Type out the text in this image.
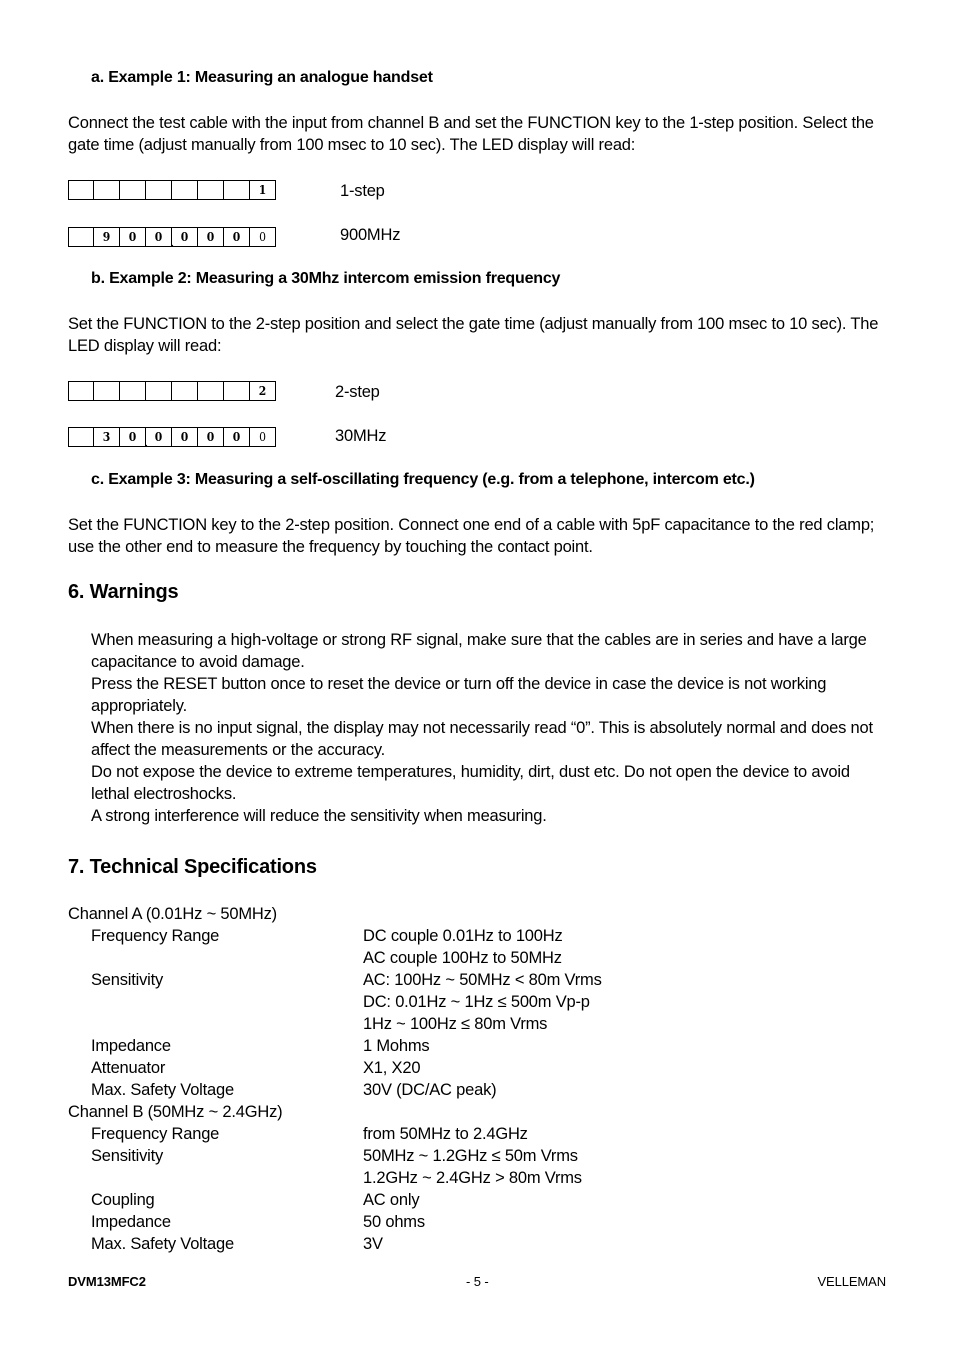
a. Example 1: Measuring an analogue handset
Connect the test cable with the input from channel B and set the FUNCTION key to the 1-step position. Select the gate time (adjust manually from 100 msec to 10 sec). The LED display will read:
1	1-step
9 0 0 . 0 0 0 0	900MHz
b. Example 2: Measuring a 30Mhz intercom emission frequency
Set the FUNCTION to the 2-step position and select the gate time (adjust manually from 100 msec to 10 sec). The LED display will read:
2	2-step
3 0 . 0 0 0 0 0	30MHz
c. Example 3: Measuring a self-oscillating frequency (e.g. from a telephone, intercom etc.)
Set the FUNCTION key to the 2-step position. Connect one end of a cable with 5pF capacitance to the red clamp; use the other end to measure the frequency by touching the contact point.
6. Warnings

When measuring a high-voltage or strong RF signal, make sure that the cables are in series and have a large capacitance to avoid damage.

Press the RESET button once to reset the device or turn off the device in case the device is not working appropriately.

When there is no input signal, the display may not necessarily read “0”. This is absolutely normal and does not affect the measurements or the accuracy.

Do not expose the device to extreme temperatures, humidity, dirt, dust etc. Do not open the device to avoid lethal electroshocks.

A strong interference will reduce the sensitivity when measuring.

7. Technical Specifications
Channel A (0.01Hz ~ 50MHz)
Frequency Range	DC couple 0.01Hz to 100Hz
AC couple 100Hz to 50MHz
Sensitivity	AC: 100Hz ~ 50MHz < 80m Vrms
DC: 0.01Hz ~ 1Hz ≤ 500m Vp-p
1Hz ~ 100Hz ≤ 80m Vrms
Impedance	1 Mohms
Attenuator	X1, X20
Max. Safety Voltage	30V (DC/AC peak)
Channel B (50MHz ~ 2.4GHz)
Frequency Range	from 50MHz to 2.4GHz
Sensitivity	50MHz ~ 1.2GHz ≤ 50m Vrms
1.2GHz ~ 2.4GHz > 80m Vrms
Coupling	AC only
Impedance	50 ohms
Max. Safety Voltage	3V
DVM13MFC2	- 5 -	VELLEMAN
